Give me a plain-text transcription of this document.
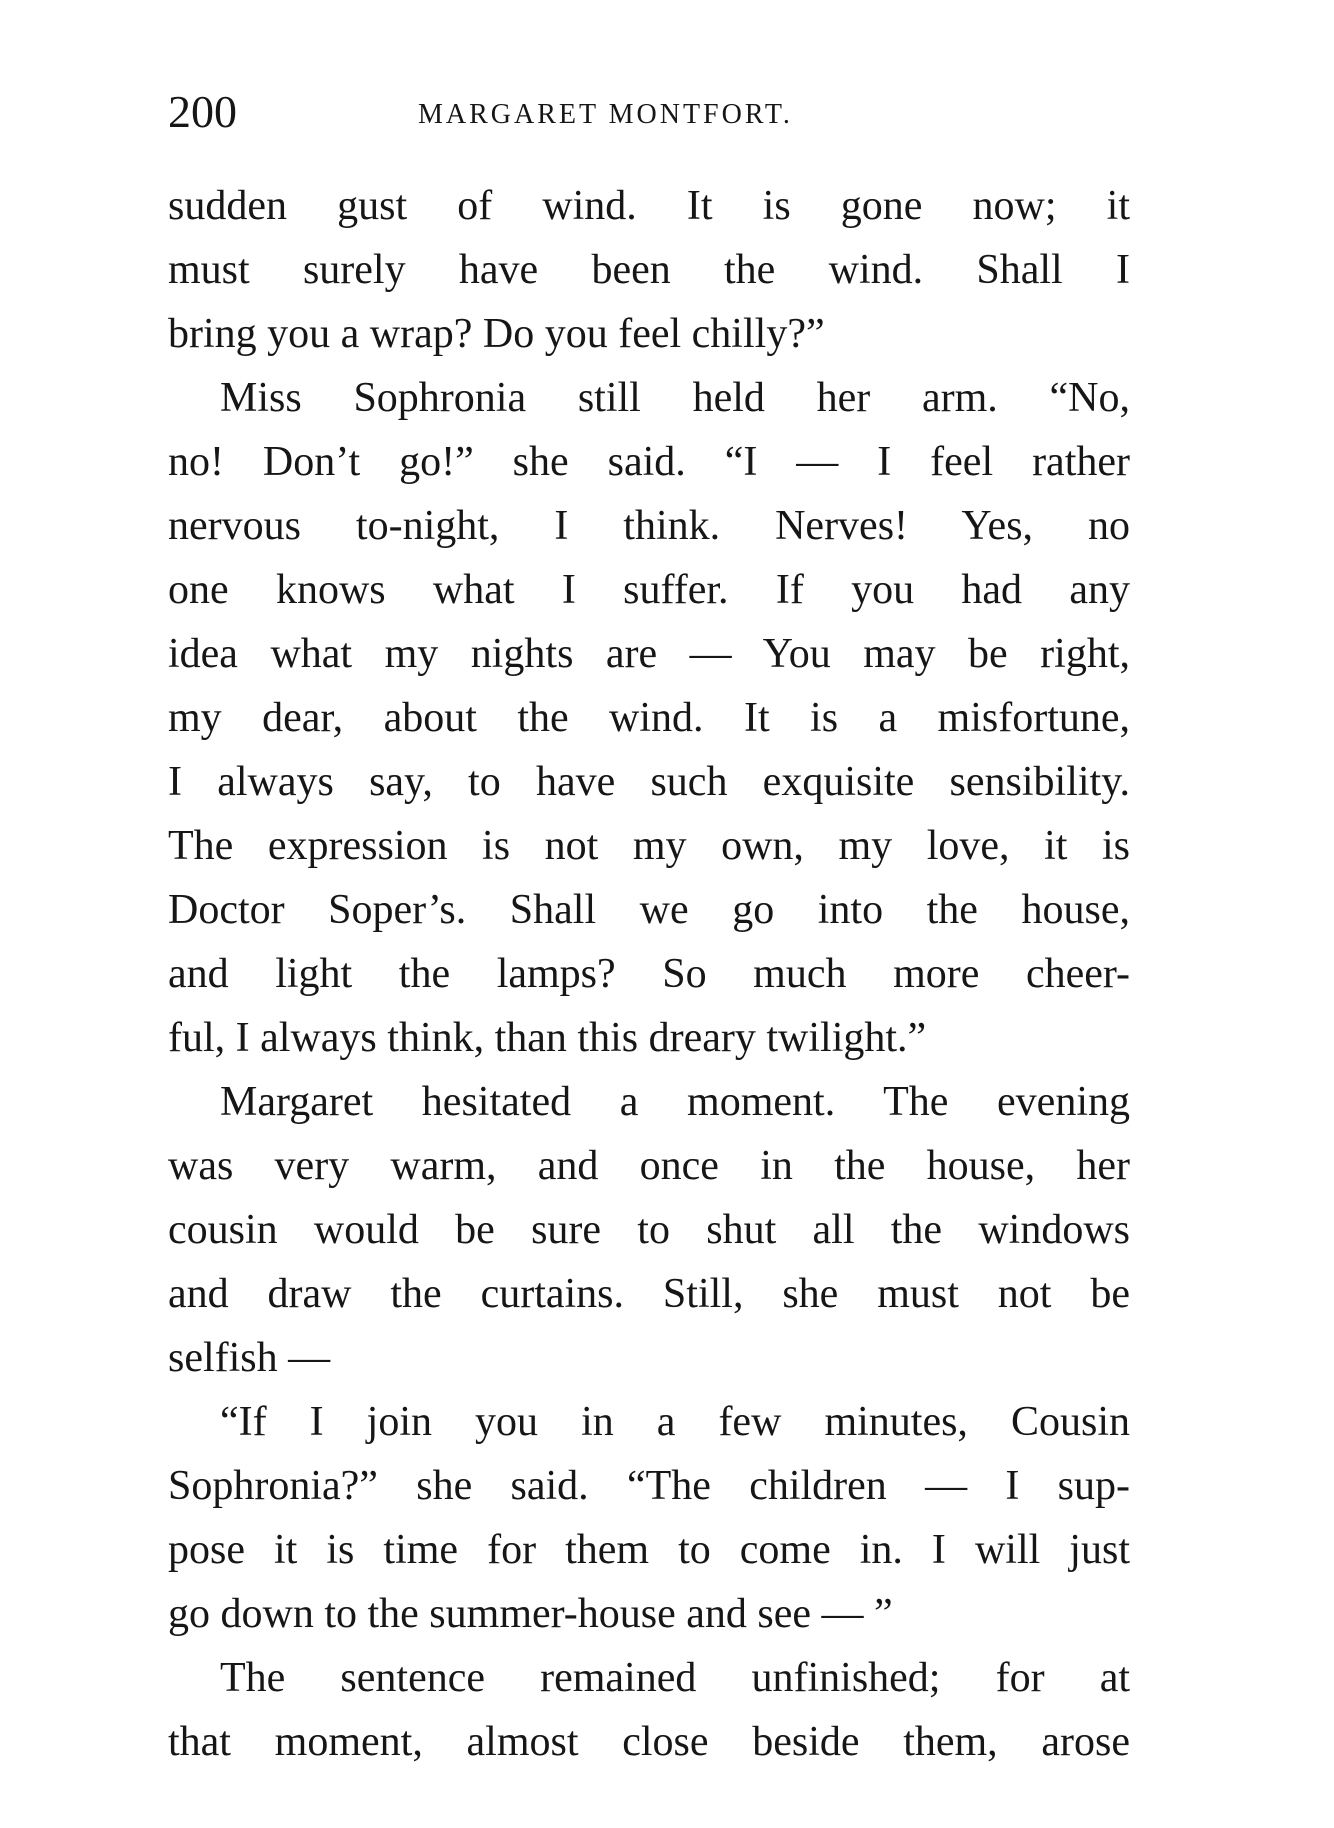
200	MARGARET MONTFORT.

sudden gust of wind. It is gone now; it

must surely have been the wind. Shall I

bring you a wrap? Do you feel chilly?”

Miss Sophronia still held her arm. “No,

no! Don’t go!” she said. “I — I feel rather

nervous to-night, I think. Nerves! Yes, no

one knows what I suffer. If you had any

idea what my nights are — You may be right,

my dear, about the wind. It is a misfortune,

I always say, to have such exquisite sensibility.

The expression is not my own, my love, it is

Doctor Soper’s. Shall we go into the house,

and light the lamps? So much more cheer-

ful, I always think, than this dreary twilight.”

Margaret hesitated a moment. The evening

was very warm, and once in the house, her

cousin would be sure to shut all the windows

and draw the curtains. Still, she must not be

selfish —

“If I join you in a few minutes, Cousin

Sophronia?” she said. “The children — I sup-

pose it is time for them to come in. I will just

go down to the summer-house and see — ”

The sentence remained unfinished; for at

that moment, almost close beside them, arose
